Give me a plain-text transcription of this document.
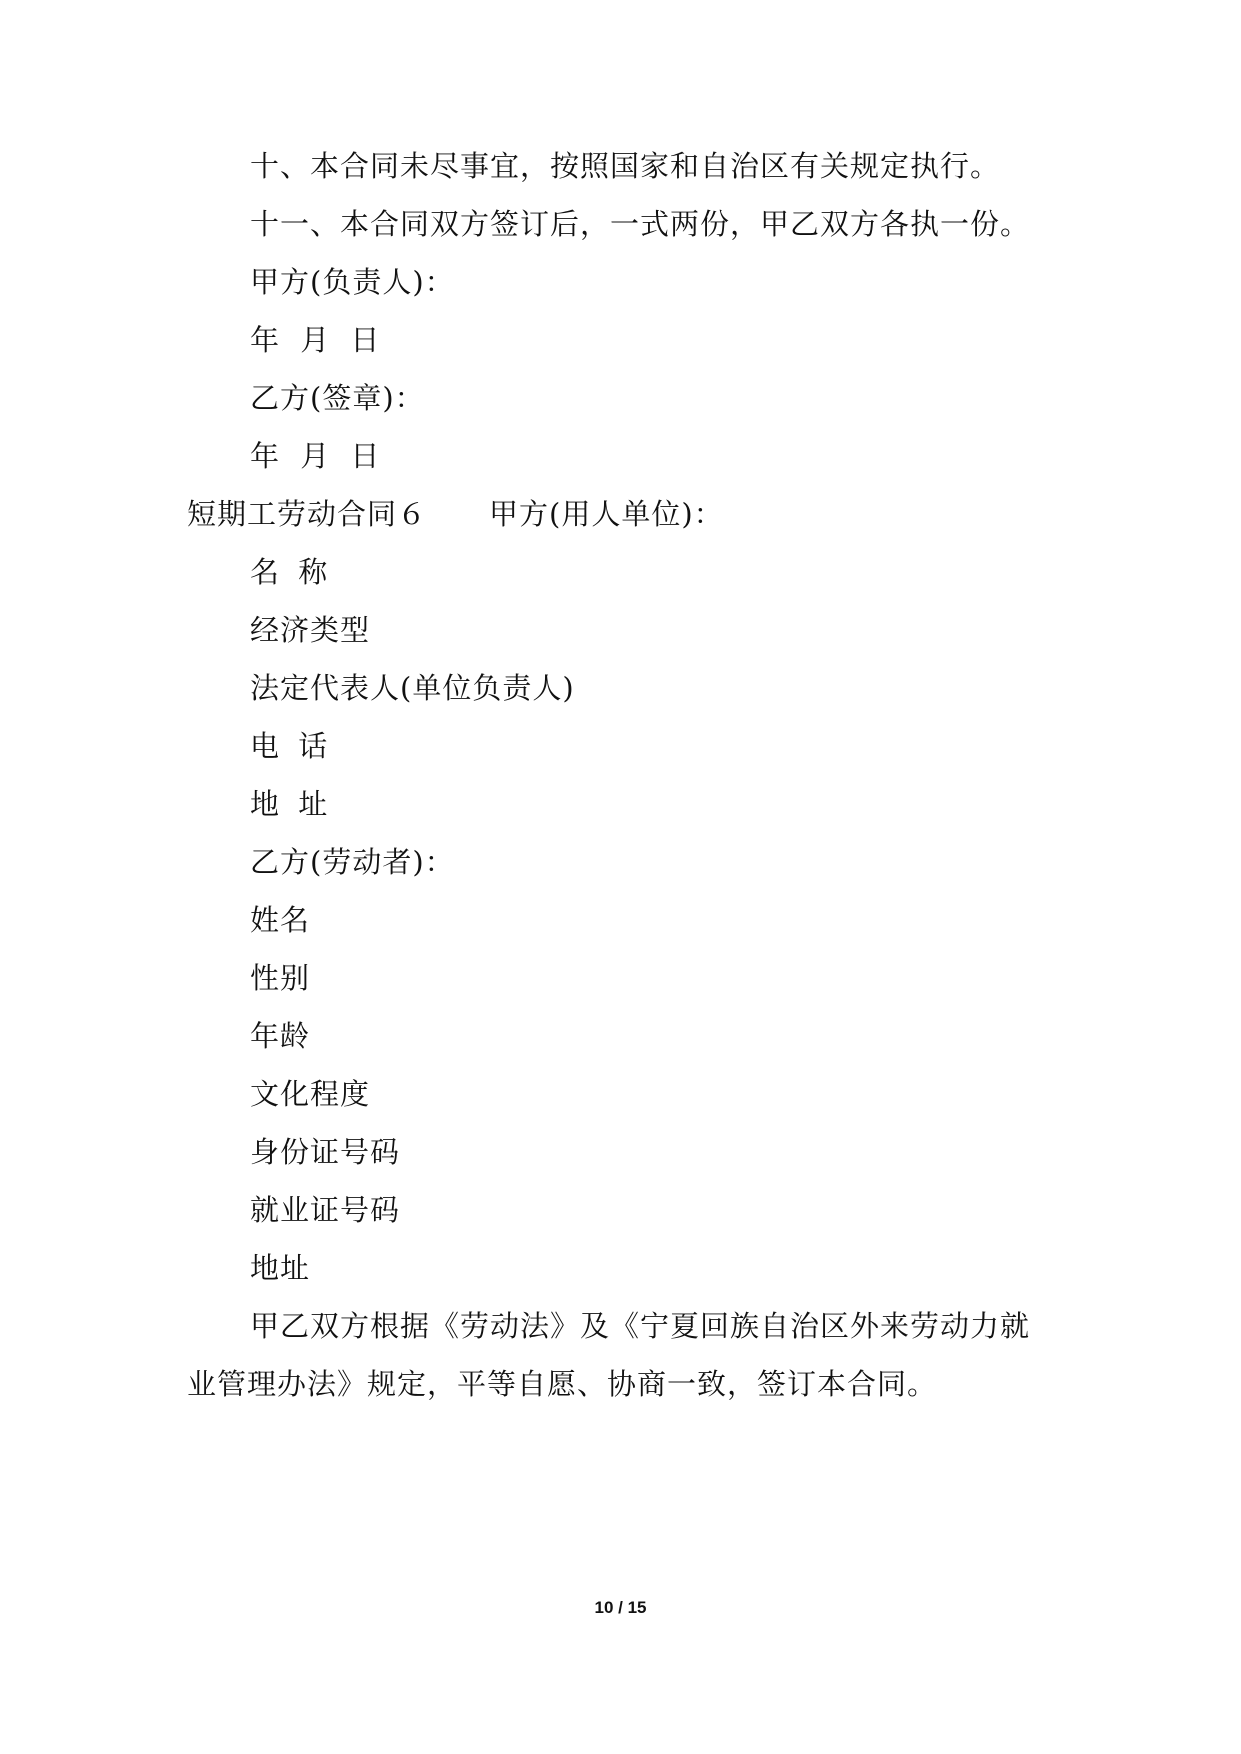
十、本合同未尽事宜，按照国家和自治区有关规定执行。
十一、本合同双方签订后，一式两份，甲乙双方各执一份。
甲方(负责人)：
年 月 日
乙方(签章)：
年 月 日
短期工劳动合同６ 甲方(用人单位)：
名 称
经济类型
法定代表人(单位负责人)
电 话
地 址
乙方(劳动者)：
姓名
性别
年龄
文化程度
身份证号码
就业证号码
地址
甲乙双方根据《劳动法》及《宁夏回族自治区外来劳动力就
业管理办法》规定，平等自愿、协商一致，签订本合同。
10 / 15
